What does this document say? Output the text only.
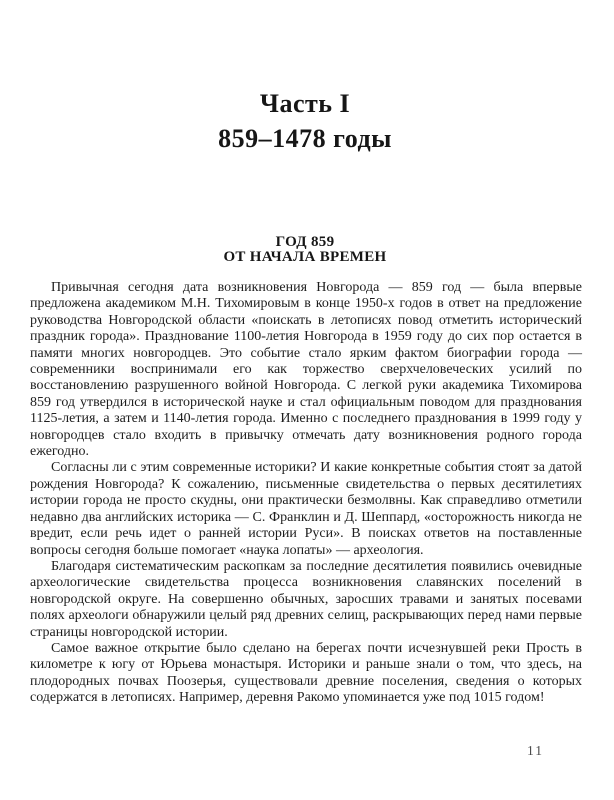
Часть I
859–1478 годы
ГОД 859
ОТ НАЧАЛА ВРЕМЕН

Привычная сегодня дата возникновения Новгорода — 859 год — была впервые предложена академиком М.Н. Тихомировым в конце 1950-х годов в ответ на предложение руководства Новгородской области «поискать в летописях повод отметить исторический праздник города». Празднование 1100-летия Новгорода в 1959 году до сих пор остается в памяти многих новгородцев. Это событие стало ярким фактом биографии города — современники воспринимали его как торжество сверхчеловеческих усилий по восстановлению разрушенного войной Новгорода. С легкой руки академика Тихомирова 859 год утвердился в исторической науке и стал официальным поводом для празднования 1125-летия, а затем и 1140-летия города. Именно с последнего празднования в 1999 году у новгородцев стало входить в привычку отмечать дату возникновения родного города ежегодно.

Согласны ли с этим современные историки? И какие конкретные события стоят за датой рождения Новгорода? К сожалению, письменные свидетельства о первых десятилетиях истории города не просто скудны, они практически безмолвны. Как справедливо отметили недавно два английских историка — С. Франклин и Д. Шеппард, «осторожность никогда не вредит, если речь идет о ранней истории Руси». В поисках ответов на поставленные вопросы сегодня больше помогает «наука лопаты» — археология.

Благодаря систематическим раскопкам за последние десятилетия появились очевидные археологические свидетельства процесса возникновения славянских поселений в новгородской округе. На совершенно обычных, заросших травами и занятых посевами полях археологи обнаружили целый ряд древних селищ, раскрывающих перед нами первые страницы новгородской истории.

Самое важное открытие было сделано на берегах почти исчезнувшей реки Прость в километре к югу от Юрьева монастыря. Историки и раньше знали о том, что здесь, на плодородных почвах Поозерья, существовали древние поселения, сведения о которых содержатся в летописях. Например, деревня Ракомо упоминается уже под 1015 годом!

11
